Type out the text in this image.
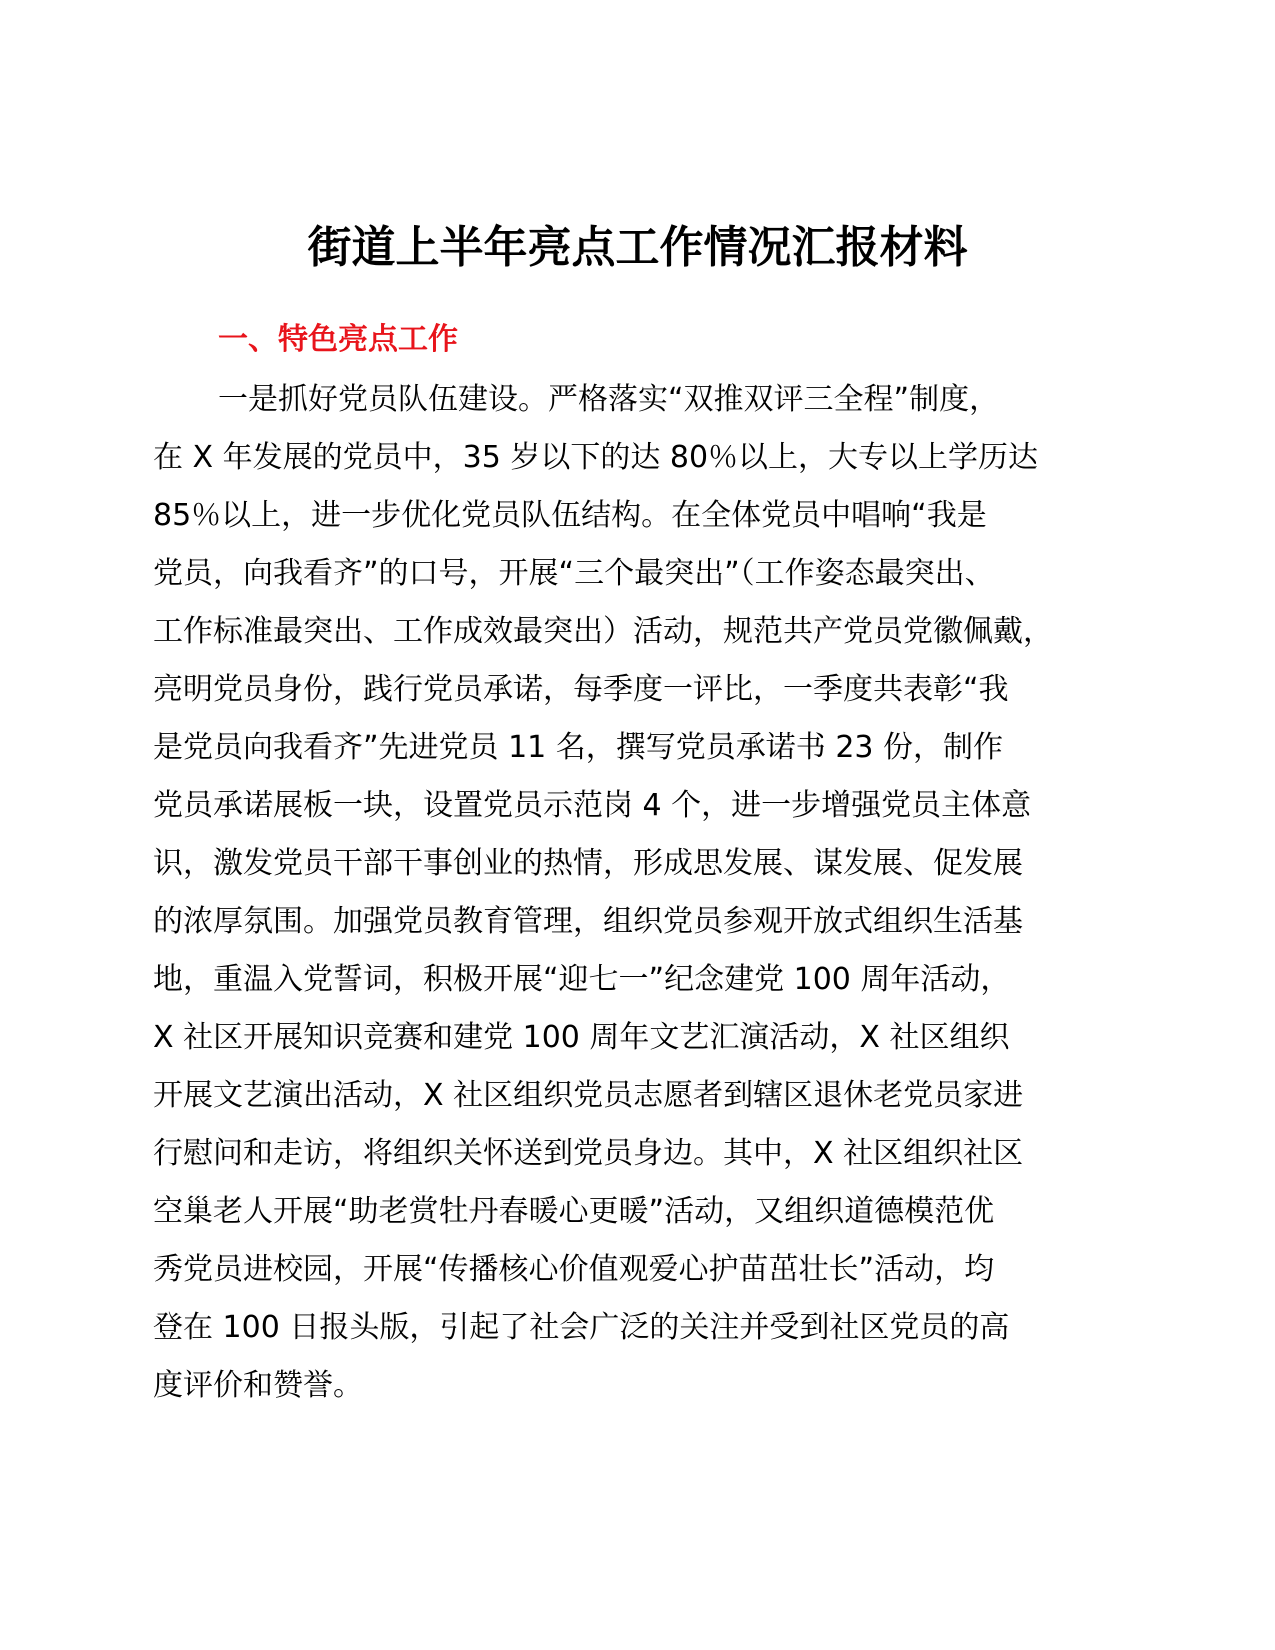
街道上半年亮点工作情况汇报材料
一、特色亮点工作

一是抓好党员队伍建设。严格落实“双推双评三全程”制度，
在 X 年发展的党员中，35 岁以下的达 80％以上，大专以上学历达
85％以上，进一步优化党员队伍结构。在全体党员中唱响“我是
党员，向我看齐”的口号，开展“三个最突出”（工作姿态最突出、
工作标准最突出、工作成效最突出）活动，规范共产党员党徽佩戴，
亮明党员身份，践行党员承诺，每季度一评比，一季度共表彰“我
是党员向我看齐”先进党员 11 名，撰写党员承诺书 23 份，制作
党员承诺展板一块，设置党员示范岗 4 个，进一步增强党员主体意
识，激发党员干部干事创业的热情，形成思发展、谋发展、促发展
的浓厚氛围。加强党员教育管理，组织党员参观开放式组织生活基
地，重温入党誓词，积极开展“迎七一”纪念建党 100 周年活动，
X 社区开展知识竞赛和建党 100 周年文艺汇演活动，X 社区组织
开展文艺演出活动，X 社区组织党员志愿者到辖区退休老党员家进
行慰问和走访，将组织关怀送到党员身边。其中，X 社区组织社区
空巢老人开展“助老赏牡丹春暖心更暖”活动，又组织道德模范优
秀党员进校园，开展“传播核心价值观爱心护苗茁壮长”活动，均
登在 100 日报头版，引起了社会广泛的关注并受到社区党员的高
度评价和赞誉。
